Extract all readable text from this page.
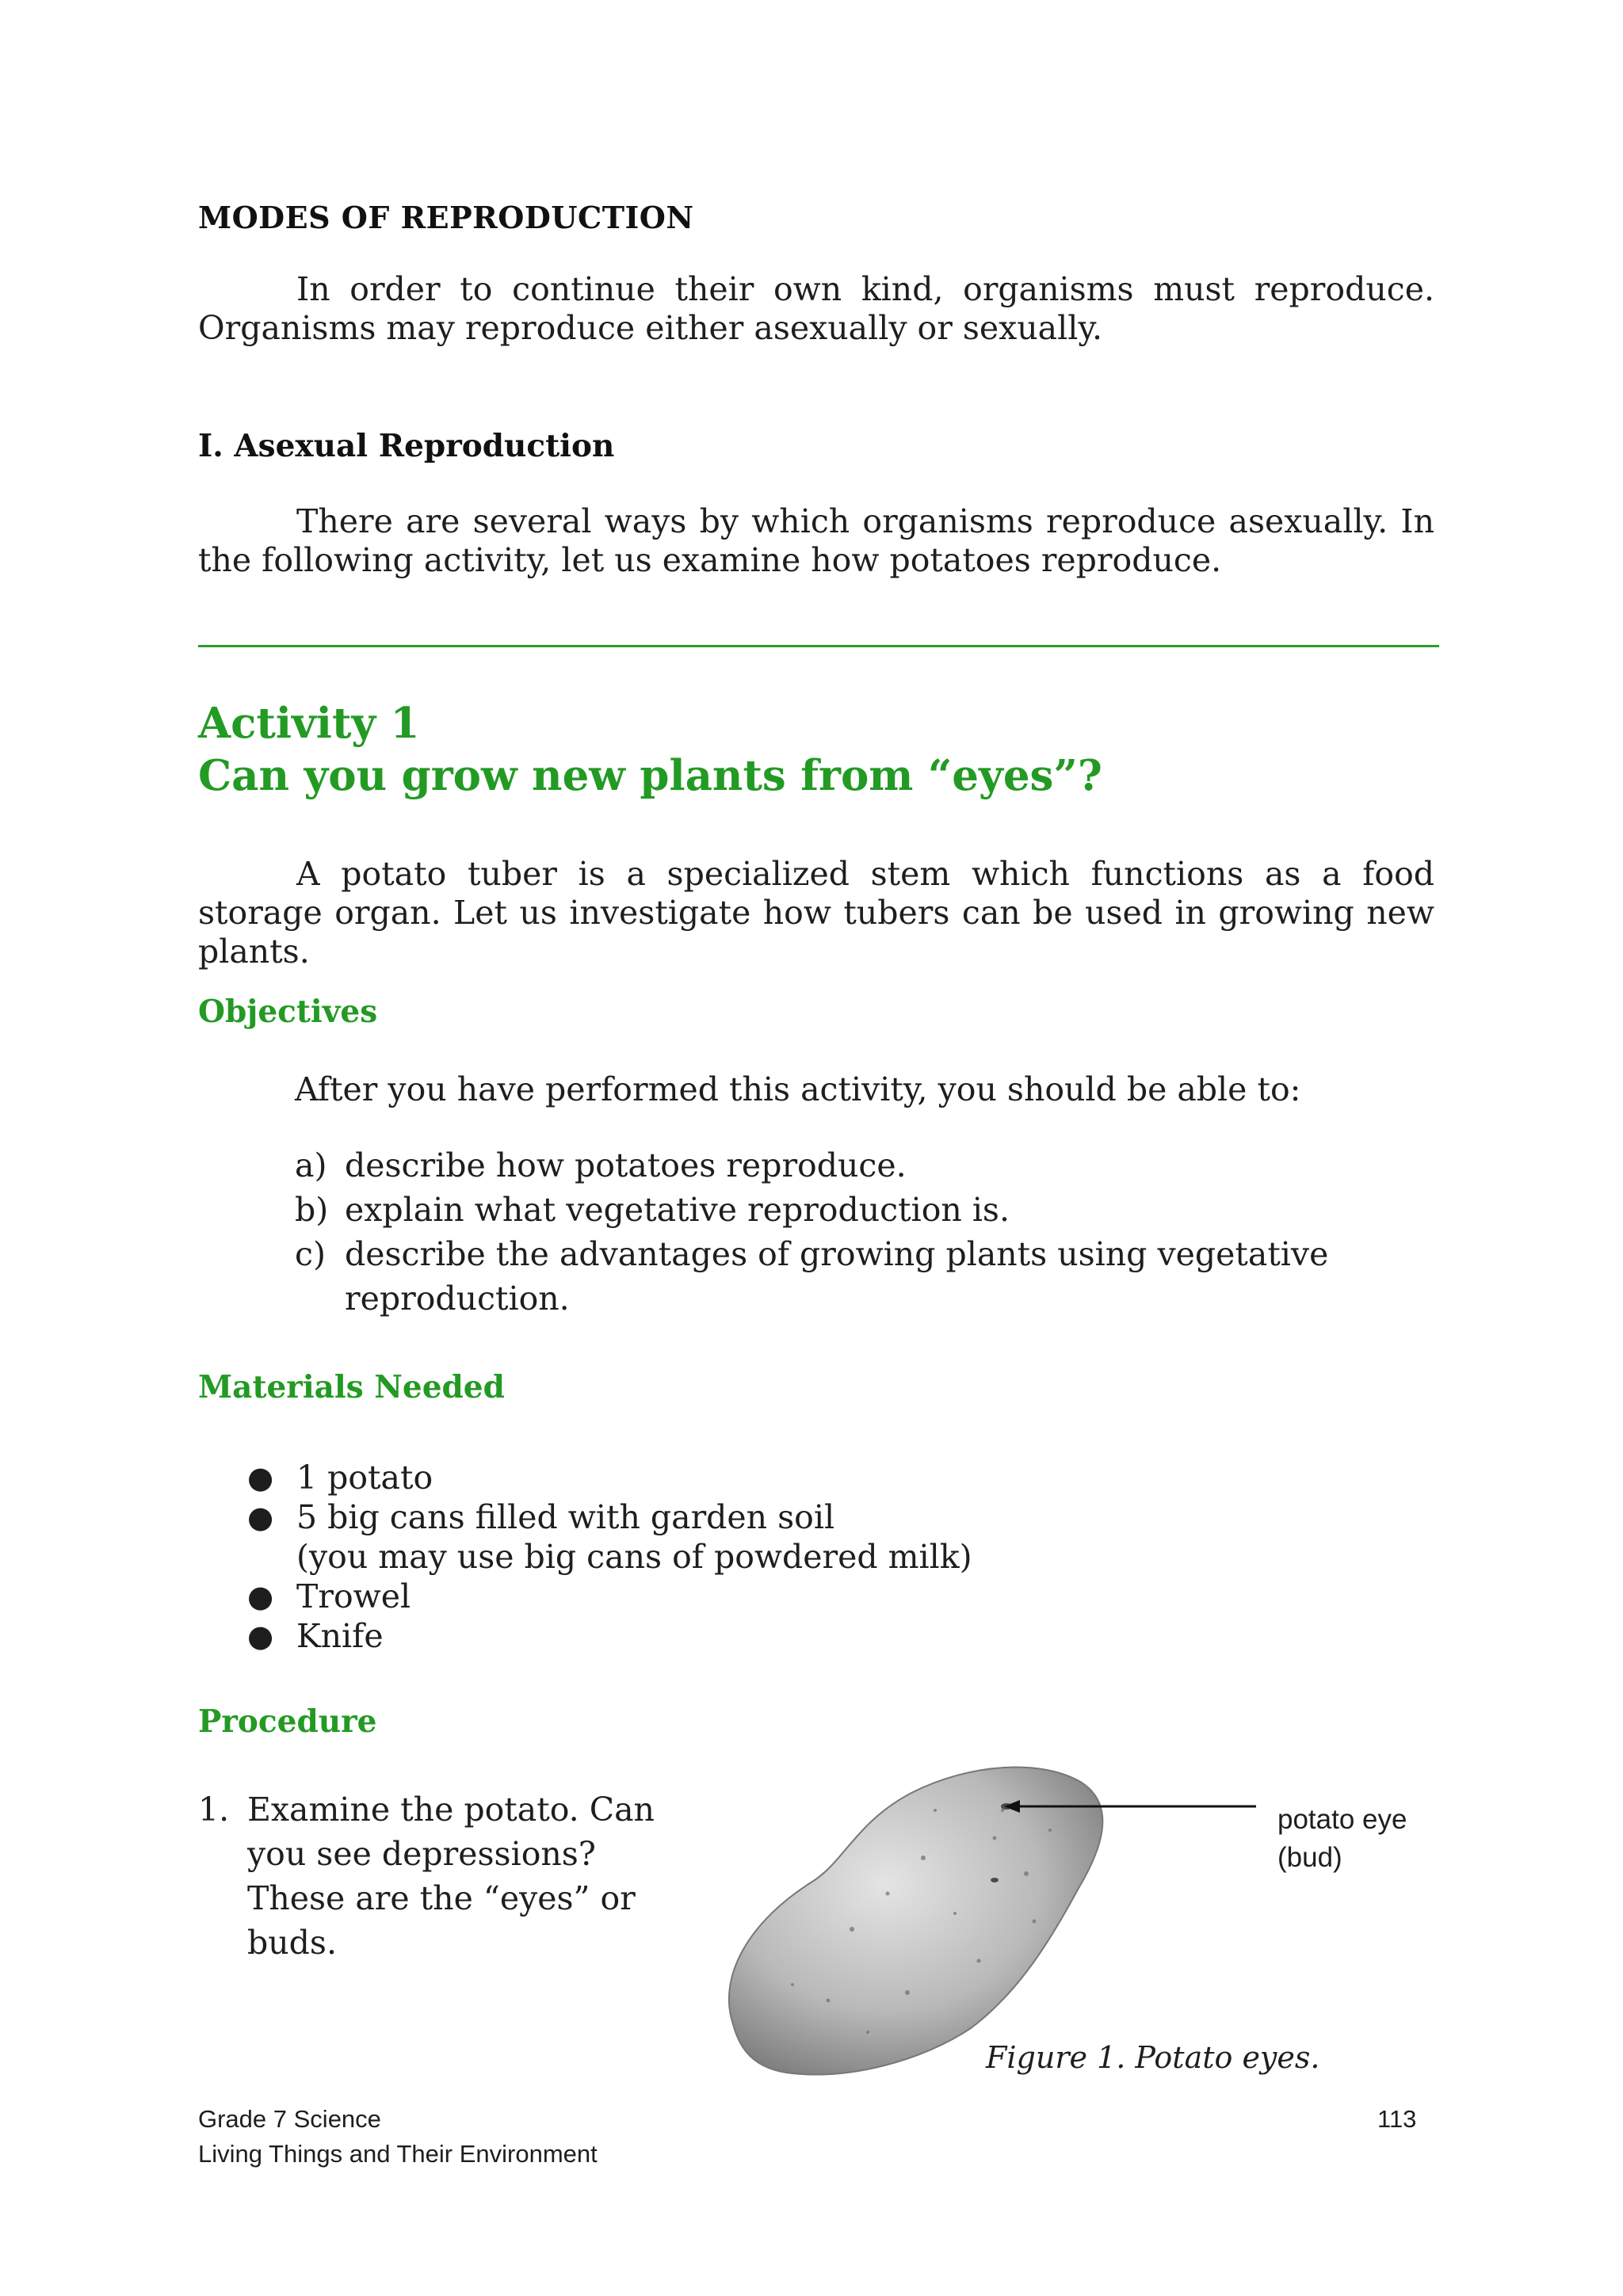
MODES OF REPRODUCTION

In order to continue their own kind, organisms must reproduce. Organisms may reproduce either asexually or sexually.

I. Asexual Reproduction

There are several ways by which organisms reproduce asexually. In the following activity, let us examine how potatoes reproduce.

Activity 1
Can you grow new plants from “eyes”?

A potato tuber is a specialized stem which functions as a food storage organ. Let us investigate how tubers can be used in growing new plants.

Objectives

After you have performed this activity, you should be able to:

a) describe how potatoes reproduce.
b) explain what vegetative reproduction is.
c) describe the advantages of growing plants using vegetative reproduction.
Materials Needed
● 1 potato
● 5 big cans filled with garden soil
(you may use big cans of powdered milk)
● Trowel
● Knife
Procedure
1. Examine the potato. Can you see depressions? These are the “eyes” or buds.
potato eye
(bud)
Figure 1. Potato eyes.
Grade 7 Science
Living Things and Their Environment
113
